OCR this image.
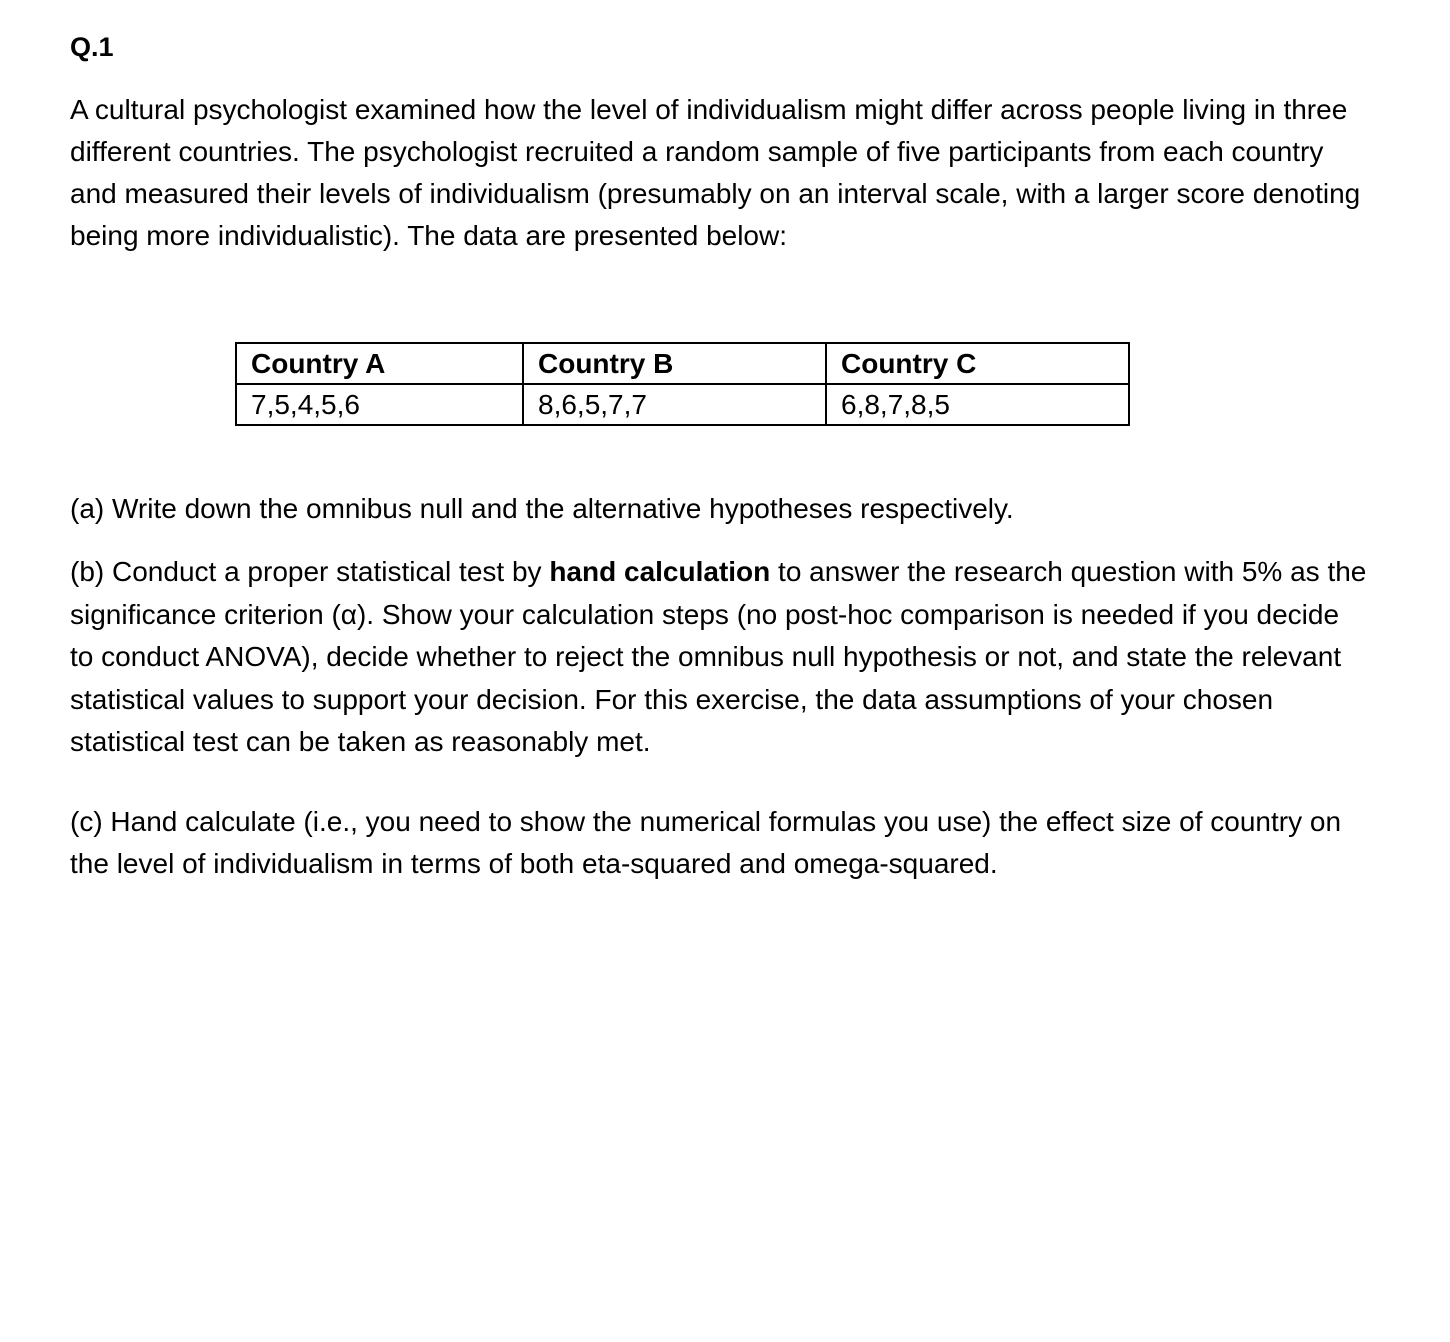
Q.1

A cultural psychologist examined how the level of individualism might differ across people living in three different countries. The psychologist recruited a random sample of five participants from each country and measured their levels of individualism (presumably on an interval scale, with a larger score denoting being more individualistic). The data are presented below:

Country A	Country B	Country C
7,5,4,5,6	8,6,5,7,7	6,8,7,8,5

(a) Write down the omnibus null and the alternative hypotheses respectively.

(b) Conduct a proper statistical test by hand calculation to answer the research question with 5% as the significance criterion (α). Show your calculation steps (no post-hoc comparison is needed if you decide to conduct ANOVA), decide whether to reject the omnibus null hypothesis or not, and state the relevant statistical values to support your decision. For this exercise, the data assumptions of your chosen statistical test can be taken as reasonably met.

(c) Hand calculate (i.e., you need to show the numerical formulas you use) the effect size of country on the level of individualism in terms of both eta-squared and omega-squared.
